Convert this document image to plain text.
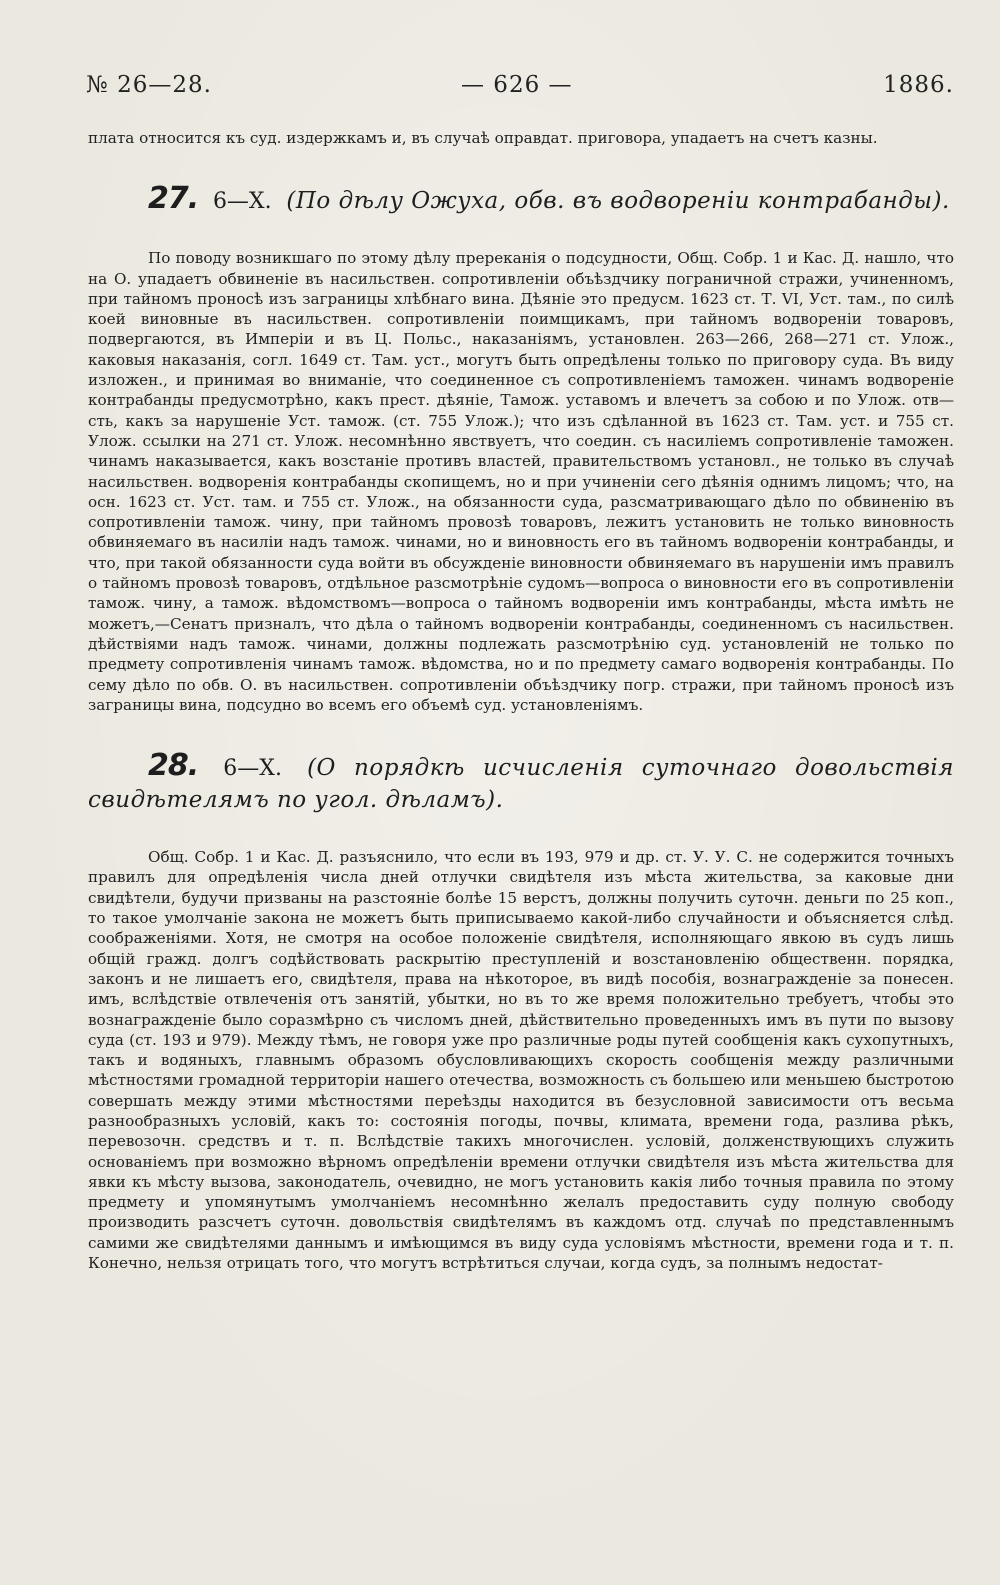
№ 26—28.	— 626 —	1886.

плата относится къ суд. издержкамъ и, въ случаѣ оправдат. приговора, упадаетъ на счетъ казны.

27. 6—X. (По дѣлу Ожуха, обв. въ водвореніи контрабанды).

По поводу возникшаго по этому дѣлу пререканія о подсудности, Общ. Собр. 1 и Кас. Д. нашло, что на О. упадаетъ обвиненіе въ насильствен. сопротивленіи объѣздчику пограничной стражи, учиненномъ, при тайномъ проносѣ изъ заграницы хлѣбнаго вина. Дѣяніе это предусм. 1623 ст. Т. VI, Уст. там., по силѣ коей виновные въ насильствен. сопротивленіи поимщикамъ, при тайномъ водвореніи товаровъ, подвергаются, въ Имперіи и въ Ц. Польс., наказаніямъ, установлен. 263—266, 268—271 ст. Улож., каковыя наказанія, согл. 1649 ст. Там. уст., могутъ быть опредѣлены только по приговору суда. Въ виду изложен., и принимая во вниманіе, что соединенное съ сопротивленіемъ таможен. чинамъ водвореніе контрабанды предусмотрѣно, какъ прест. дѣяніе, Тамож. уставомъ и влечетъ за собою и по Улож. отв—сть, какъ за нарушеніе Уст. тамож. (ст. 755 Улож.); что изъ сдѣланной въ 1623 ст. Там. уст. и 755 ст. Улож. ссылки на 271 ст. Улож. несомнѣнно явствуетъ, что соедин. съ насиліемъ сопротивленіе таможен. чинамъ наказывается, какъ возстаніе противъ властей, правительствомъ установл., не только въ случаѣ насильствен. водворенія контрабанды скопищемъ, но и при учиненіи сего дѣянія однимъ лицомъ; что, на осн. 1623 ст. Уст. там. и 755 ст. Улож., на обязанности суда, разсматривающаго дѣло по обвиненію въ сопротивленіи тамож. чину, при тайномъ провозѣ товаровъ, лежитъ установить не только виновность обвиняемаго въ насиліи надъ тамож. чинами, но и виновность его въ тайномъ водвореніи контрабанды, и что, при такой обязанности суда войти въ обсужденіе виновности обвиняемаго въ нарушеніи имъ правилъ о тайномъ провозѣ товаровъ, отдѣльное разсмотрѣніе судомъ—вопроса о виновности его въ сопротивленіи тамож. чину, а тамож. вѣдомствомъ—вопроса о тайномъ водвореніи имъ контрабанды, мѣста имѣть не можетъ,—Сенатъ призналъ, что дѣла о тайномъ водвореніи контрабанды, соединенномъ съ насильствен. дѣйствіями надъ тамож. чинами, должны подлежать разсмотрѣнію суд. установленій не только по предмету сопротивленія чинамъ тамож. вѣдомства, но и по предмету самаго водворенія контрабанды. По сему дѣло по обв. О. въ насильствен. сопротивленіи объѣздчику погр. стражи, при тайномъ проносѣ изъ заграницы вина, подсудно во всемъ его объемѣ суд. установленіямъ.

28. 6—X. (О порядкѣ исчисленія суточнаго довольствія свидѣтелямъ по угол. дѣламъ).

Общ. Собр. 1 и Кас. Д. разъяснило, что если въ 193, 979 и др. ст. У. У. С. не содержится точныхъ правилъ для опредѣленія числа дней отлучки свидѣтеля изъ мѣста жительства, за каковые дни свидѣтели, будучи призваны на разстояніе болѣе 15 верстъ, должны получить суточн. деньги по 25 коп., то такое умолчаніе закона не можетъ быть приписываемо какой-либо случайности и объясняется слѣд. соображеніями. Хотя, не смотря на особое положеніе свидѣтеля, исполняющаго явкою въ судъ лишь общій гражд. долгъ содѣйствовать раскрытію преступленій и возстановленію общественн. порядка, законъ и не лишаетъ его, свидѣтеля, права на нѣкоторое, въ видѣ пособія, вознагражденіе за понесен. имъ, вслѣдствіе отвлеченія отъ занятій, убытки, но въ то же время положительно требуетъ, чтобы это вознагражденіе было соразмѣрно съ числомъ дней, дѣйствительно проведенныхъ имъ въ пути по вызову суда (ст. 193 и 979). Между тѣмъ, не говоря уже про различные роды путей сообщенія какъ сухопутныхъ, такъ и водяныхъ, главнымъ образомъ обусловливающихъ скорость сообщенія между различными мѣстностями громадной территоріи нашего отечества, возможность съ большею или меньшею быстротою совершать между этими мѣстностями переѣзды находится въ безусловной зависимости отъ весьма разнообразныхъ условій, какъ то: состоянія погоды, почвы, климата, времени года, разлива рѣкъ, перевозочн. средствъ и т. п. Вслѣдствіе такихъ многочислен. условій, долженствующихъ служить основаніемъ при возможно вѣрномъ опредѣленіи времени отлучки свидѣтеля изъ мѣста жительства для явки къ мѣсту вызова, законодатель, очевидно, не могъ установить какія либо точныя правила по этому предмету и упомянутымъ умолчаніемъ несомнѣнно желалъ предоставить суду полную свободу производить разсчетъ суточн. довольствія свидѣтелямъ въ каждомъ отд. случаѣ по представленнымъ самими же свидѣтелями даннымъ и имѣющимся въ виду суда условіямъ мѣстности, времени года и т. п. Конечно, нельзя отрицать того, что могутъ встрѣтиться случаи, когда судъ, за полнымъ недостат-
